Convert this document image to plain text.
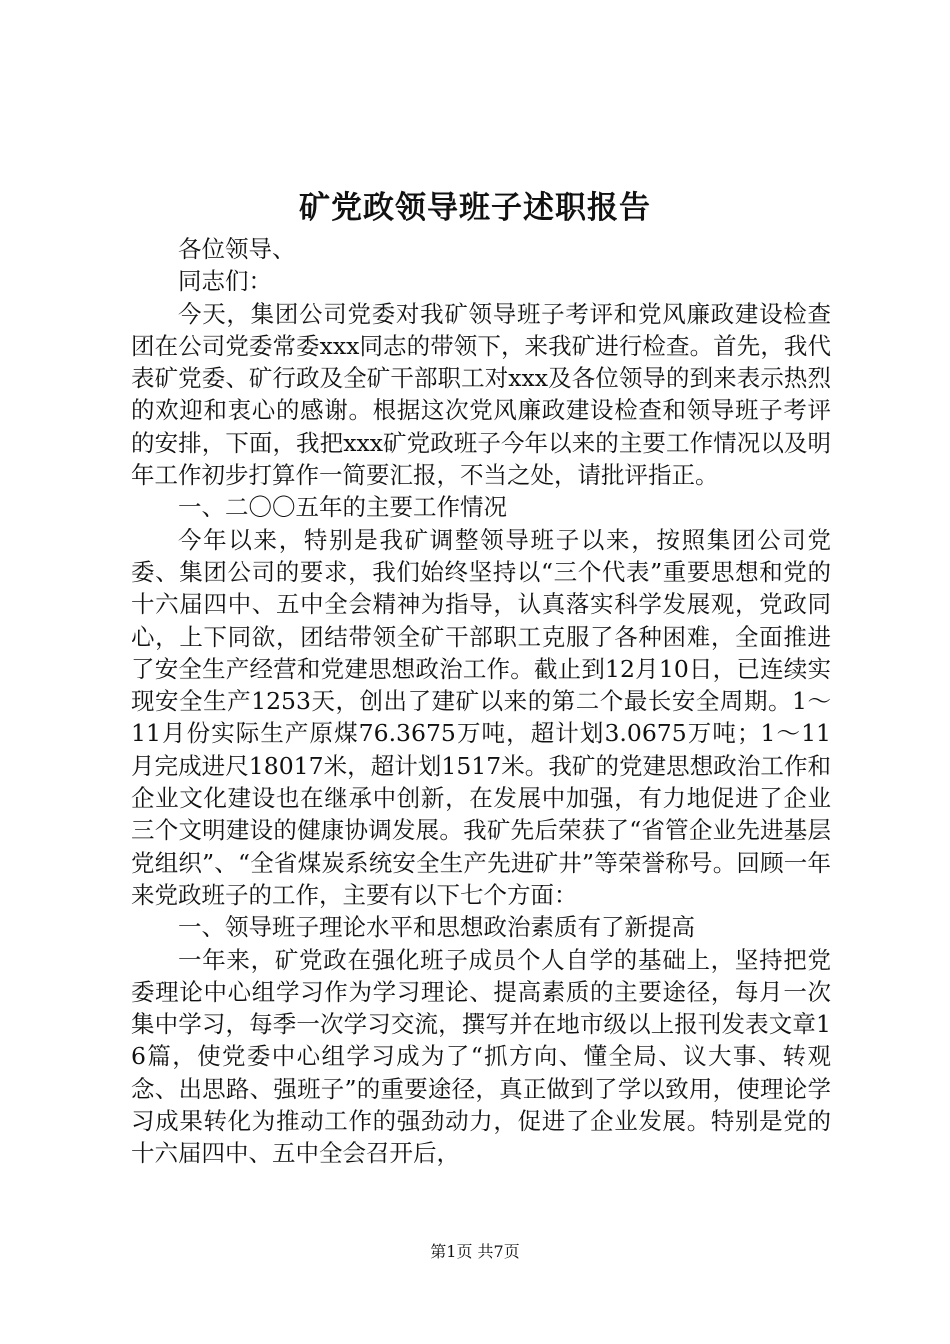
矿党政领导班子述职报告

各位领导、

同志们：

今天，集团公司党委对我矿领导班子考评和党风廉政建设检查团在公司党委常委xxx同志的带领下，来我矿进行检查。首先，我代表矿党委、矿行政及全矿干部职工对xxx及各位领导的到来表示热烈的欢迎和衷心的感谢。根据这次党风廉政建设检查和领导班子考评的安排，下面，我把xxx矿党政班子今年以来的主要工作情况以及明年工作初步打算作一简要汇报，不当之处，请批评指正。

一、二〇〇五年的主要工作情况

今年以来，特别是我矿调整领导班子以来，按照集团公司党委、集团公司的要求，我们始终坚持以“三个代表”重要思想和党的十六届四中、五中全会精神为指导，认真落实科学发展观，党政同心，上下同欲，团结带领全矿干部职工克服了各种困难，全面推进了安全生产经营和党建思想政治工作。截止到12月10日，已连续实现安全生产1253天，创出了建矿以来的第二个最长安全周期。1～11月份实际生产原煤76.3675万吨，超计划3.0675万吨；1～11月完成进尺18017米，超计划1517米。我矿的党建思想政治工作和企业文化建设也在继承中创新，在发展中加强，有力地促进了企业三个文明建设的健康协调发展。我矿先后荣获了“省管企业先进基层党组织”、“全省煤炭系统安全生产先进矿井”等荣誉称号。回顾一年来党政班子的工作，主要有以下七个方面：

一、领导班子理论水平和思想政治素质有了新提高

一年来，矿党政在强化班子成员个人自学的基础上，坚持把党委理论中心组学习作为学习理论、提高素质的主要途径，每月一次集中学习，每季一次学习交流，撰写并在地市级以上报刊发表文章16篇，使党委中心组学习成为了“抓方向、懂全局、议大事、转观念、出思路、强班子”的重要途径，真正做到了学以致用，使理论学习成果转化为推动工作的强劲动力，促进了企业发展。特别是党的十六届四中、五中全会召开后，

第1页 共7页
